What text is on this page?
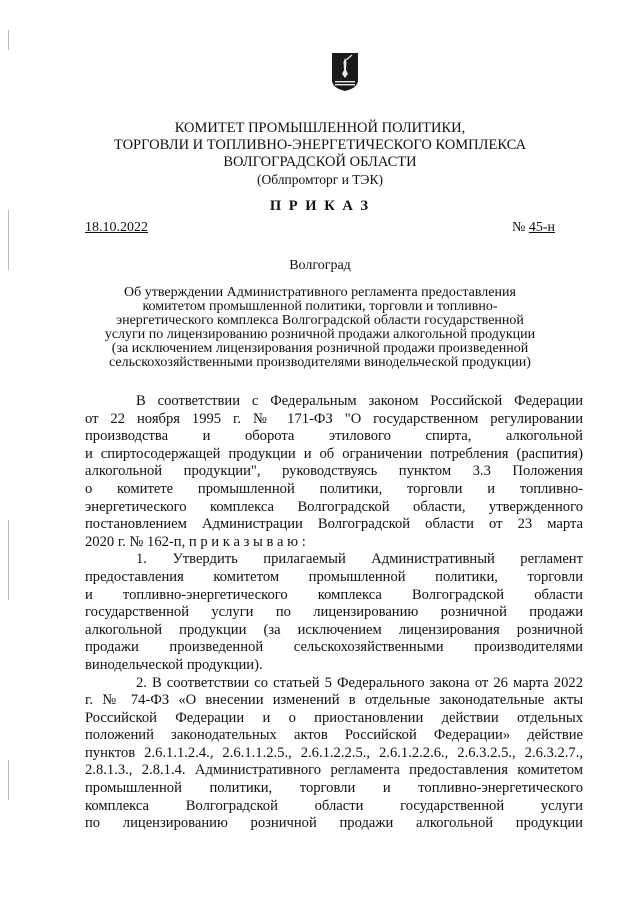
КОМИТЕТ ПРОМЫШЛЕННОЙ ПОЛИТИКИ,
ТОРГОВЛИ И ТОПЛИВНО-ЭНЕРГЕТИЧЕСКОГО КОМПЛЕКСА
ВОЛГОГРАДСКОЙ ОБЛАСТИ
(Облпромторг и ТЭК)
П Р И К А З
18.10.2022	№ 45-н
Волгоград
Об утверждении Административного регламента предоставления
комитетом промышленной политики, торговли и топливно-
энергетического комплекса Волгоградской области государственной
услуги по лицензированию розничной продажи алкогольной продукции
(за исключением лицензирования розничной продажи произведенной
сельскохозяйственными производителями винодельческой продукции)
В соответствии с Федеральным законом Российской Федерации
от 22 ноября 1995 г. № 171-ФЗ "О государственном регулировании
производства и оборота этилового спирта, алкогольной
и спиртосодержащей продукции и об ограничении потребления (распития)
алкогольной продукции", руководствуясь пунктом 3.3 Положения
о комитете промышленной политики, торговли и топливно-
энергетического комплекса Волгоградской области, утвержденного
постановлением Администрации Волгоградской области от 23 марта
2020 г. № 162-п, п р и к а з ы в а ю :
1. Утвердить прилагаемый Административный регламент
предоставления комитетом промышленной политики, торговли
и топливно-энергетического комплекса Волгоградской области
государственной услуги по лицензированию розничной продажи
алкогольной продукции (за исключением лицензирования розничной
продажи произведенной сельскохозяйственными производителями
винодельческой продукции).
2. В соответствии со статьей 5 Федерального закона от 26 марта 2022
г. № 74-ФЗ «О внесении изменений в отдельные законодательные акты
Российской Федерации и о приостановлении действии отдельных
положений законодательных актов Российской Федерации» действие
пунктов 2.6.1.1.2.4., 2.6.1.1.2.5., 2.6.1.2.2.5., 2.6.1.2.2.6., 2.6.3.2.5., 2.6.3.2.7.,
2.8.1.3., 2.8.1.4. Административного регламента предоставления комитетом
промышленной политики, торговли и топливно-энергетического
комплекса Волгоградской области государственной услуги
по лицензированию розничной продажи алкогольной продукции
